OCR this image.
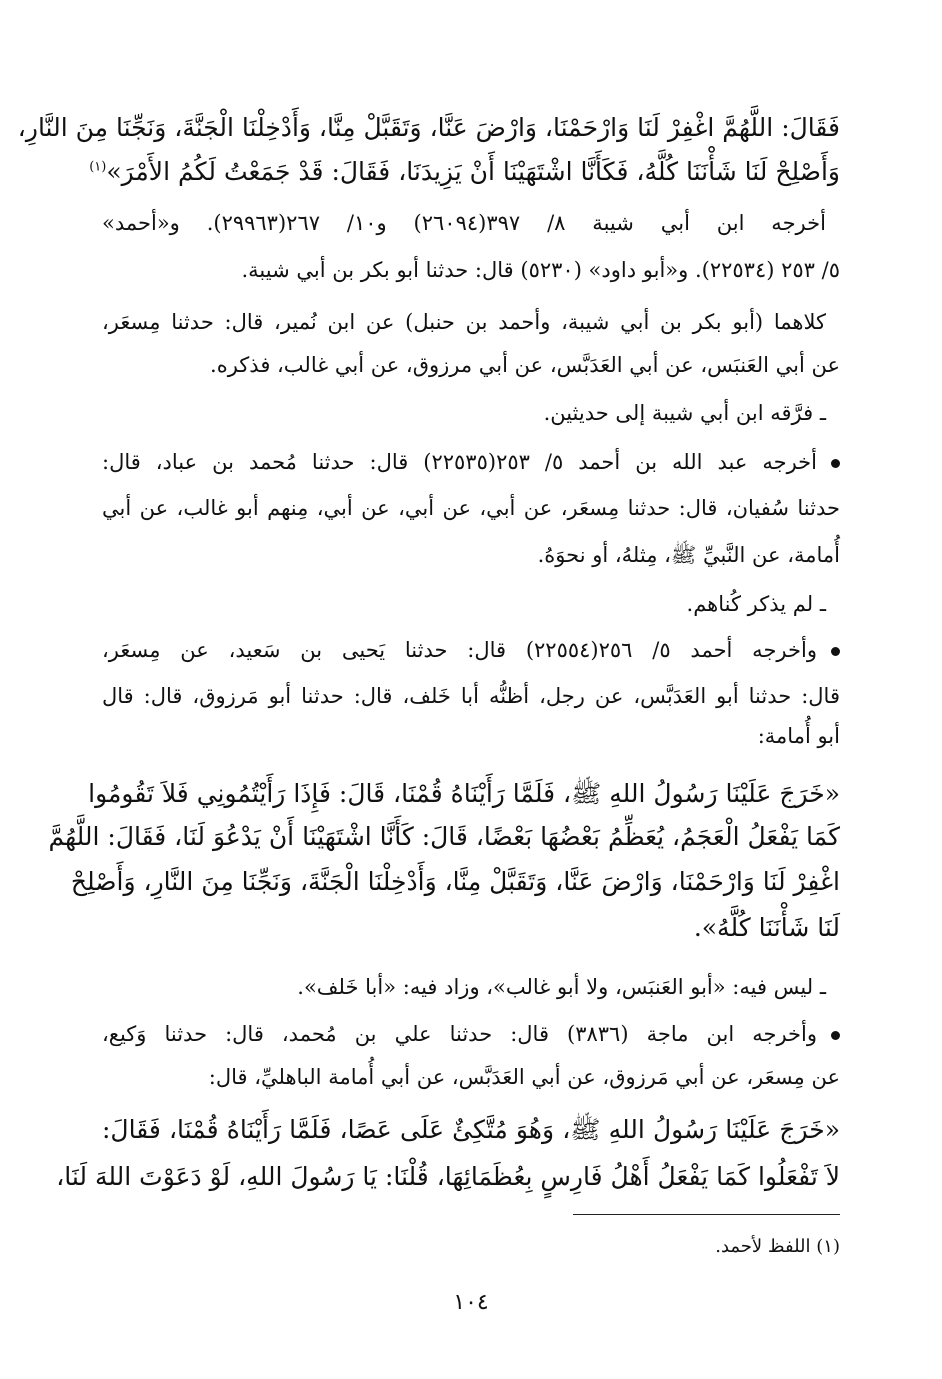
فَقَالَ: اللَّهُمَّ اغْفِرْ لَنَا وَارْحَمْنَا، وَارْضَ عَنَّا، وَتَقَبَّلْ مِنَّا، وَأَدْخِلْنَا الْجَنَّةَ، وَنَجِّنَا مِنَ النَّارِ،
وَأَصْلِحْ لَنَا شَأْنَنَا كُلَّهُ، فَكَأَنَّا اشْتَهَيْنَا أَنْ يَزِيدَنَا، فَقَالَ: قَدْ جَمَعْتُ لَكُمُ الأَمْرَ»$^{(١)}$
أخرجه ابن أبي شيبة ٨/ ٣٩٧(٢٦٠٩٤) و١٠/ ٢٦٧(٢٩٩٦٣). و«أحمد»
٥/ ٢٥٣ (٢٢٥٣٤). و«أبو داود» (٥٢٣٠) قال: حدثنا أبو بكر بن أبي شيبة.
كلاهما (أبو بكر بن أبي شيبة، وأحمد بن حنبل) عن ابن نُمير، قال: حدثنا مِسعَر،
عن أبي العَنبَس، عن أبي العَدَبَّس، عن أبي مرزوق، عن أبي غالب، فذكره.
ـ فرَّقه ابن أبي شيبة إلى حديثين.
أخرجه عبد الله بن أحمد ٥/ ٢٥٣(٢٢٥٣٥) قال: حدثنا مُحمد بن عباد، قال:
حدثنا سُفيان، قال: حدثنا مِسعَر، عن أبي، عن أبي، عن أبي، مِنهم أبو غالب، عن أبي
أُمامة، عن النَّبيِّ ﷺ، مِثلهُ، أو نحوَهُ.
ـ لم يذكر كُناهم.
وأخرجه أحمد ٥/ ٢٥٦(٢٢٥٥٤) قال: حدثنا يَحيى بن سَعيد، عن مِسعَر،
قال: حدثنا أبو العَدَبَّس، عن رجل، أظنُّه أبا خَلف، قال: حدثنا أبو مَرزوق، قال: قال
أبو أُمامة:
«خَرَجَ عَلَيْنَا رَسُولُ اللهِ ﷺ، فَلَمَّا رَأَيْنَاهُ قُمْنَا، قَالَ: فَإِذَا رَأَيْتُمُونِي فَلاَ تَقُومُوا
كَمَا يَفْعَلُ الْعَجَمُ، يُعَظِّمُ بَعْضُهَا بَعْضًا، قَالَ: كَأَنَّا اشْتَهَيْنَا أَنْ يَدْعُوَ لَنَا، فَقَالَ: اللَّهُمَّ
اغْفِرْ لَنَا وَارْحَمْنَا، وَارْضَ عَنَّا، وَتَقَبَّلْ مِنَّا، وَأَدْخِلْنَا الْجَنَّةَ، وَنَجِّنَا مِنَ النَّارِ، وَأَصْلِحْ
لَنَا شَأْنَنَا كُلَّهُ».
ـ ليس فيه: «أبو العَنبَس، ولا أبو غالب»، وزاد فيه: «أبا خَلف».
وأخرجه ابن ماجة (٣٨٣٦) قال: حدثنا علي بن مُحمد، قال: حدثنا وَكيع،
عن مِسعَر، عن أبي مَرزوق، عن أبي العَدَبَّس، عن أبي أُمامة الباهليِّ، قال:
«خَرَجَ عَلَيْنَا رَسُولُ اللهِ ﷺ، وَهُوَ مُتَّكِئٌ عَلَى عَصًا، فَلَمَّا رَأَيْنَاهُ قُمْنَا، فَقَالَ:
لاَ تَفْعَلُوا كَمَا يَفْعَلُ أَهْلُ فَارِسٍ بِعُظَمَائِهَا، قُلْنَا: يَا رَسُولَ اللهِ، لَوْ دَعَوْتَ اللهَ لَنَا،
(١) اللفظ لأحمد.
١٠٤
